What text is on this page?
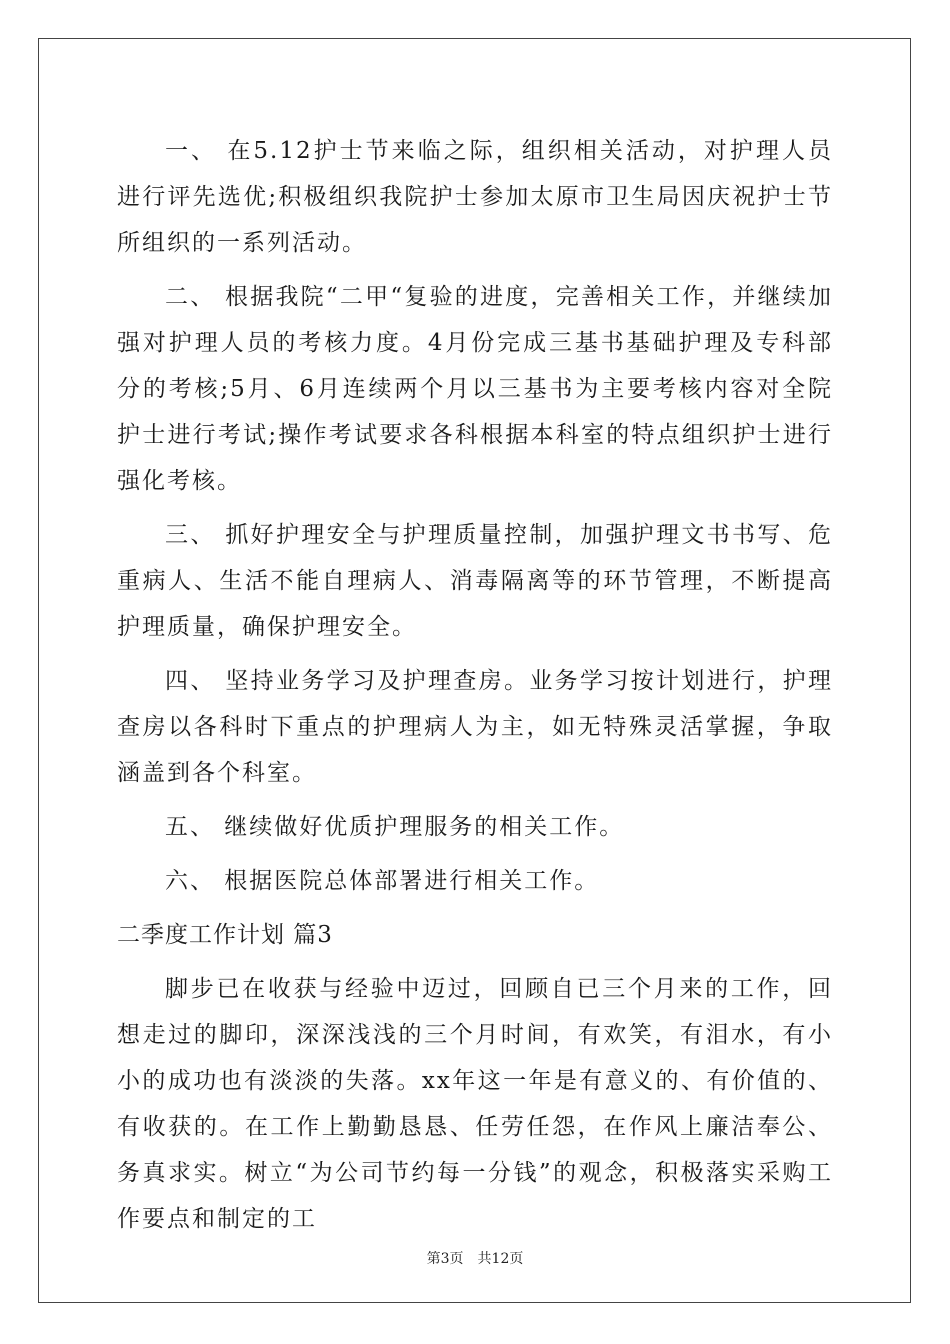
一、 在5.12护士节来临之际，组织相关活动，对护理人员进行评先选优;积极组织我院护士参加太原市卫生局因庆祝护士节所组织的一系列活动。

二、 根据我院“二甲“复验的进度，完善相关工作，并继续加强对护理人员的考核力度。4月份完成三基书基础护理及专科部分的考核;5月、6月连续两个月以三基书为主要考核内容对全院护士进行考试;操作考试要求各科根据本科室的特点组织护士进行强化考核。

三、 抓好护理安全与护理质量控制，加强护理文书书写、危重病人、生活不能自理病人、消毒隔离等的环节管理，不断提高护理质量，确保护理安全。

四、 坚持业务学习及护理查房。业务学习按计划进行，护理查房以各科时下重点的护理病人为主，如无特殊灵活掌握，争取涵盖到各个科室。

五、 继续做好优质护理服务的相关工作。

六、 根据医院总体部署进行相关工作。

二季度工作计划 篇3

脚步已在收获与经验中迈过，回顾自已三个月来的工作，回想走过的脚印，深深浅浅的三个月时间，有欢笑，有泪水，有小小的成功也有淡淡的失落。xx年这一年是有意义的、有价值的、有收获的。在工作上勤勤恳恳、任劳任怨，在作风上廉洁奉公、务真求实。树立“为公司节约每一分钱”的观念，积极落实采购工作要点和制定的工

第3页　共12页
